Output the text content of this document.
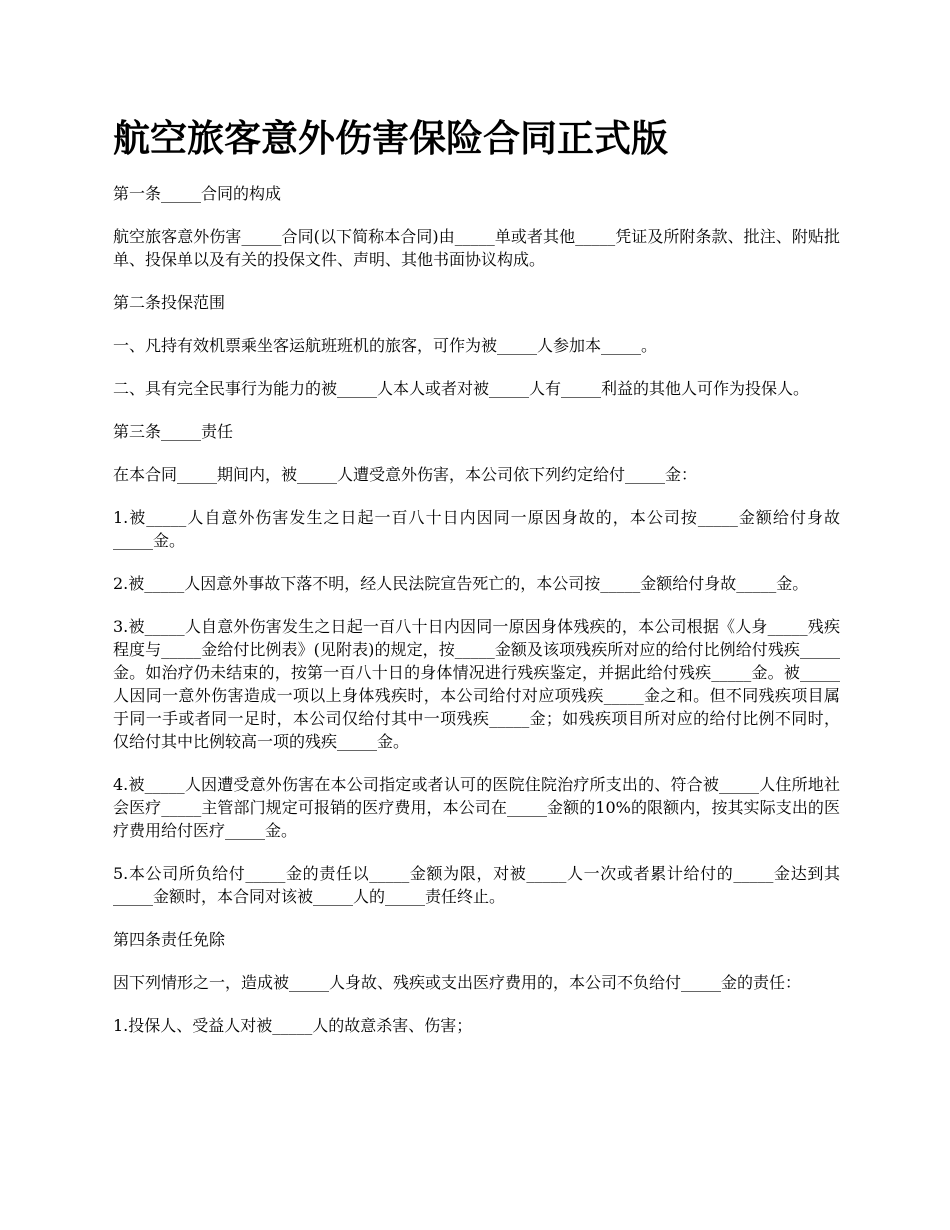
航空旅客意外伤害保险合同正式版

第一条_____合同的构成

航空旅客意外伤害_____合同(以下简称本合同)由_____单或者其他_____凭证及所附条款、批注、附贴批单、投保单以及有关的投保文件、声明、其他书面协议构成。

第二条投保范围

一、凡持有效机票乘坐客运航班班机的旅客，可作为被_____人参加本_____。

二、具有完全民事行为能力的被_____人本人或者对被_____人有_____利益的其他人可作为投保人。

第三条_____责任

在本合同_____期间内，被_____人遭受意外伤害，本公司依下列约定给付_____金：

1.被_____人自意外伤害发生之日起一百八十日内因同一原因身故的，本公司按_____金额给付身故_____金。

2.被_____人因意外事故下落不明，经人民法院宣告死亡的，本公司按_____金额给付身故_____金。

3.被_____人自意外伤害发生之日起一百八十日内因同一原因身体残疾的，本公司根据《人身_____残疾程度与_____金给付比例表》(见附表)的规定，按_____金额及该项残疾所对应的给付比例给付残疾_____金。如治疗仍未结束的，按第一百八十日的身体情况进行残疾鉴定，并据此给付残疾_____金。被_____人因同一意外伤害造成一项以上身体残疾时，本公司给付对应项残疾_____金之和。但不同残疾项目属于同一手或者同一足时，本公司仅给付其中一项残疾_____金；如残疾项目所对应的给付比例不同时，仅给付其中比例较高一项的残疾_____金。

4.被_____人因遭受意外伤害在本公司指定或者认可的医院住院治疗所支出的、符合被_____人住所地社会医疗_____主管部门规定可报销的医疗费用，本公司在_____金额的10%的限额内，按其实际支出的医疗费用给付医疗_____金。

5.本公司所负给付_____金的责任以_____金额为限，对被_____人一次或者累计给付的_____金达到其_____金额时，本合同对该被_____人的_____责任终止。

第四条责任免除

因下列情形之一，造成被_____人身故、残疾或支出医疗费用的，本公司不负给付_____金的责任：

1.投保人、受益人对被_____人的故意杀害、伤害；
